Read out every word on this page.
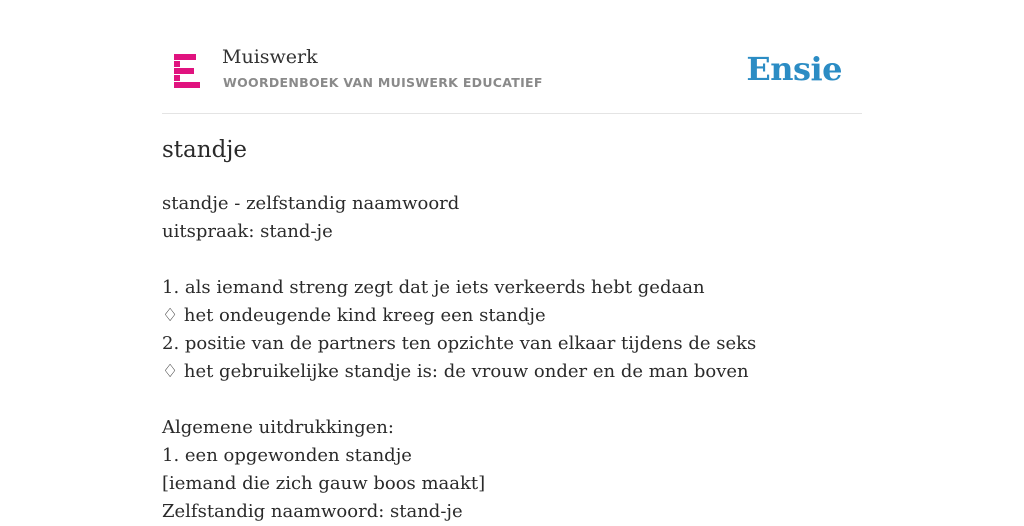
Muiswerk
WOORDENBOEK VAN MUISWERK EDUCATIEF	Ensie
standje
standje - zelfstandig naamwoord
uitspraak: stand-je
1. als iemand streng zegt dat je iets verkeerds hebt gedaan
♢ het ondeugende kind kreeg een standje
2. positie van de partners ten opzichte van elkaar tijdens de seks
♢ het gebruikelijke standje is: de vrouw onder en de man boven
Algemene uitdrukkingen:
1. een opgewonden standje
[iemand die zich gauw boos maakt]
Zelfstandig naamwoord: stand-je
